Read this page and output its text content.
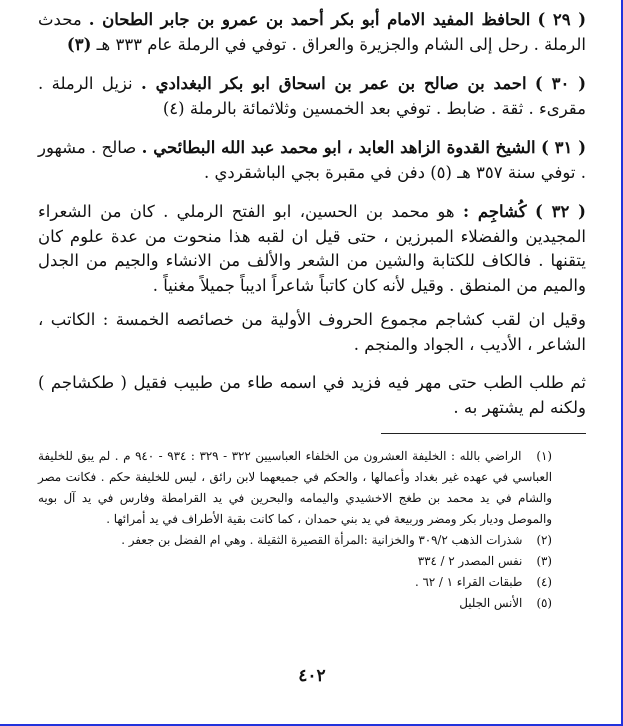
( ٢٩ ) الحافظ المفيد الامام أبو بكر أحمد بن عمرو بن جابر الطحان . محدث الرملة . رحل إلى الشام والجزيرة والعراق . توفي في الرملة عام ٣٣٣ هـ (٣)

( ٣٠ ) احمد بن صالح بن عمر بن اسحاق ابو بكر البغدادي . نزيل الرملة . مقرىء . ثقة . ضابط . توفي بعد الخمسين وثلاثمائة بالرملة (٤)

( ٣١ ) الشيخ القدوة الزاهد العابد ، ابو محمد عبد الله البطائحي . صالح . مشهور . توفي سنة ٣٥٧ هـ (٥) دفن في مقبرة بجي الباشقردي .

( ٣٢ ) كُشاجِم : هو محمد بن الحسين، ابو الفتح الرملي . كان من الشعراء المجيدين والفضلاء المبرزين ، حتى قيل ان لقبه هذا منحوت من عدة علوم كان يتقنها . فالكاف للكتابة والشين من الشعر والألف من الانشاء والجيم من الجدل والميم من المنطق . وقيل لأنه كان كاتباً شاعراً اديباً جميلاً مغنياً .

وقيل ان لقب كشاجم مجموع الحروف الأولية من خصائصه الخمسة : الكاتب ، الشاعر ، الأديب ، الجواد والمنجم .

ثم طلب الطب حتى مهر فيه فزيد في اسمه طاء من طبيب فقيل ( طكشاجم ) ولكنه لم يشتهر به .

(١) الراضي بالله : الخليفة العشرون من الخلفاء العباسيين ٣٢٢ - ٣٢٩ : ٩٣٤ - ٩٤٠ م . لم يبق للخليفة العباسي في عهده غير بغداد وأعمالها ، والحكم في جميعهما لابن رائق ، ليس للخليفة حكم . فكانت مصر والشام في يد محمد بن طغج الاخشيدي واليمامه والبحرين في يد القرامطة وفارس في يد آل بويه والموصل وديار بكر ومضر وربيعة في يد بني حمدان ، كما كانت بقية الأطراف في يد أمرائها .

(٢) شذرات الذهب ٣٠٩/٢ والخزانية :المرأة القصيرة الثقيلة . وهي ام الفضل بن جعفر .

(٣) نفس المصدر ٢ / ٣٣٤

(٤) طبقات القراء ١ / ٦٢ .

(٥) الأنس الجليل

٤٠٢
